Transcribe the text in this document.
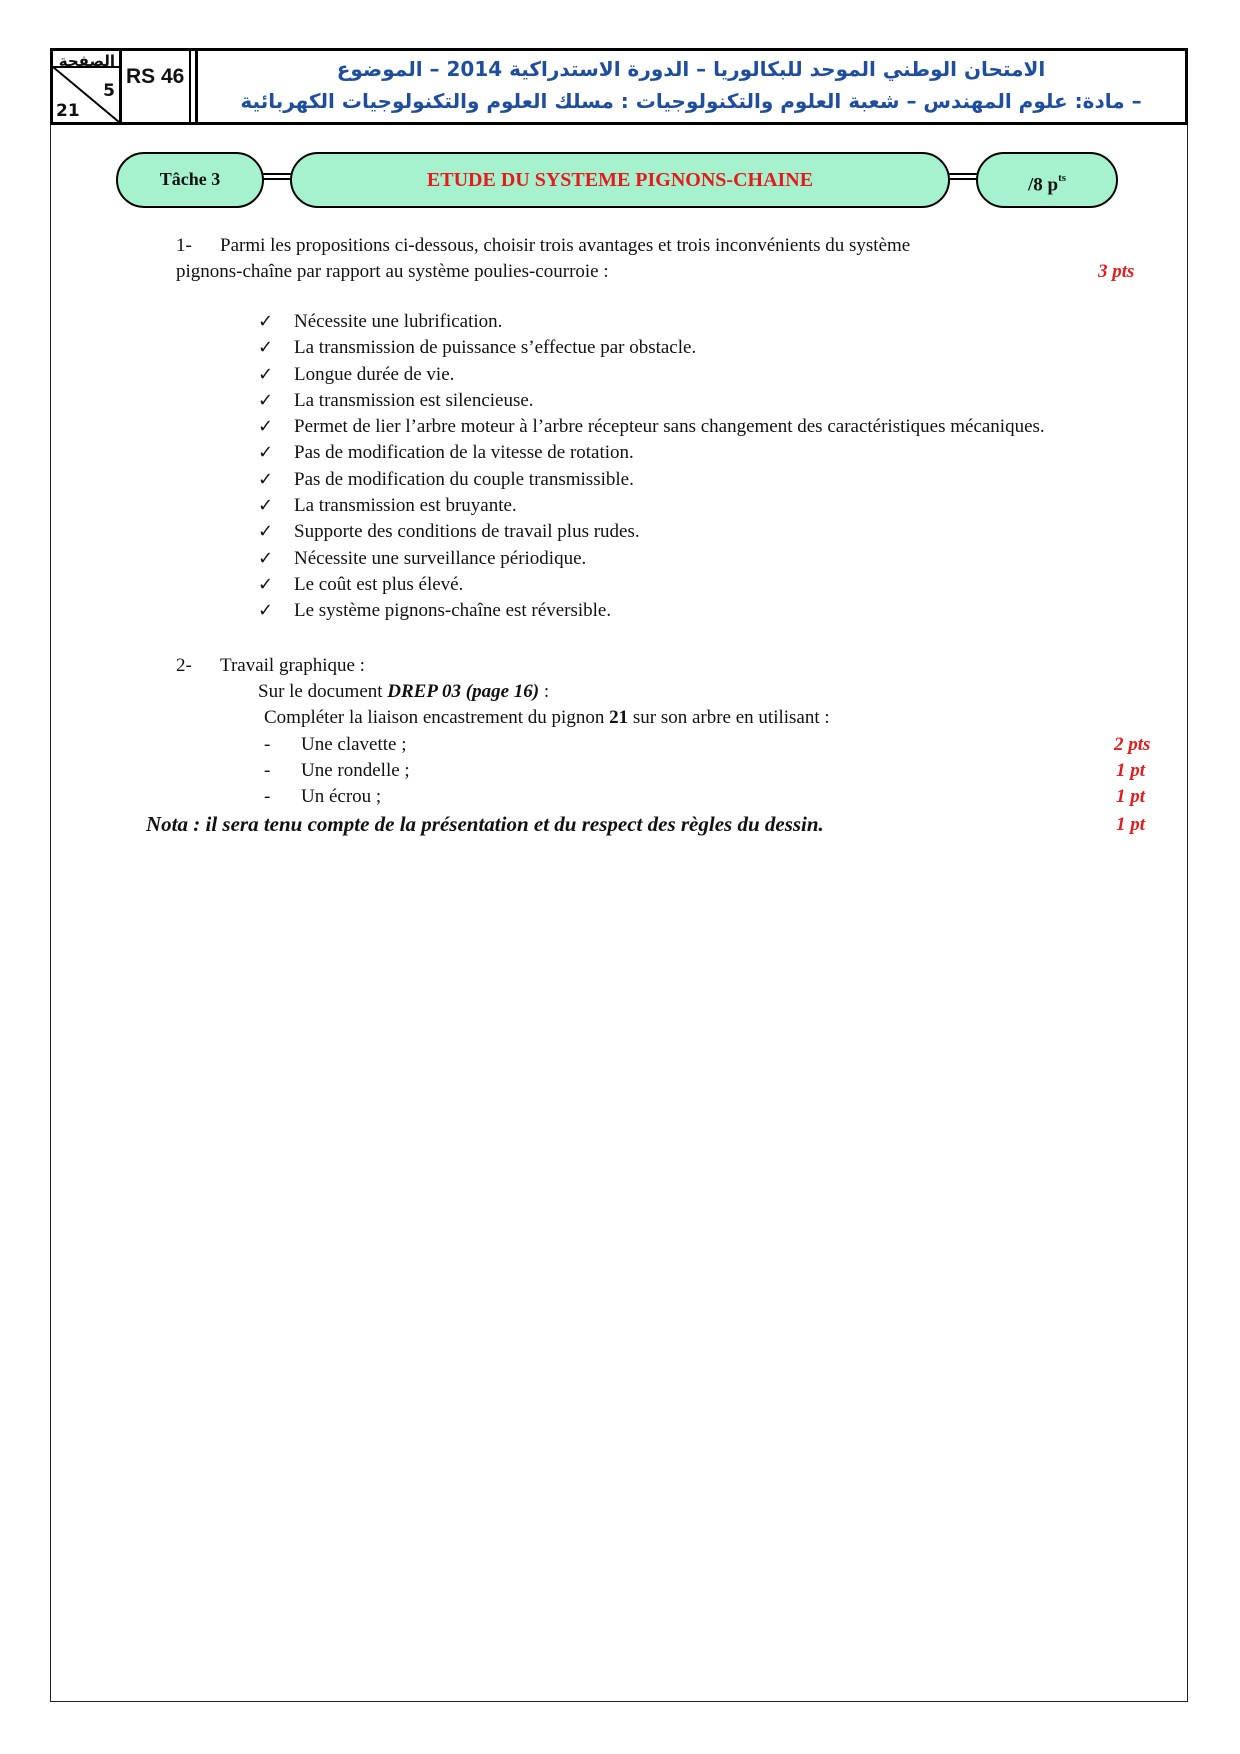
الصفحة
5
21
RS 46	الامتحان الوطني الموحد للبكالوريا – الدورة الاستدراكية 2014 – الموضوع
– مادة: علوم المهندس – شعبة العلوم والتكنولوجيات : مسلك العلوم والتكنولوجيات الكهربائية
Tâche 3	ETUDE DU SYSTEME PIGNONS-CHAINE	/8 $p^{ts}$
1- Parmi les propositions ci-dessous, choisir trois avantages et trois inconvénients du système
pignons-chaîne par rapport au système poulies-courroie :	3 pts
✓	Nécessite une lubrification.
✓	La transmission de puissance s’effectue par obstacle.
✓	Longue durée de vie.
✓	La transmission est silencieuse.
✓	Permet de lier l’arbre moteur à l’arbre récepteur sans changement des caractéristiques mécaniques.
✓	Pas de modification de la vitesse de rotation.
✓	Pas de modification du couple transmissible.
✓	La transmission est bruyante.
✓	Supporte des conditions de travail plus rudes.
✓	Nécessite une surveillance périodique.
✓	Le coût est plus élevé.
✓	Le système pignons-chaîne est réversible.
2- Travail graphique :
Sur le document DREP 03 (page 16) :
Compléter la liaison encastrement du pignon 21 sur son arbre en utilisant :
- Une clavette ;	2 pts
- Une rondelle ;	1 pt
- Un écrou ;	1 pt
Nota : il sera tenu compte de la présentation et du respect des règles du dessin.	1 pt
